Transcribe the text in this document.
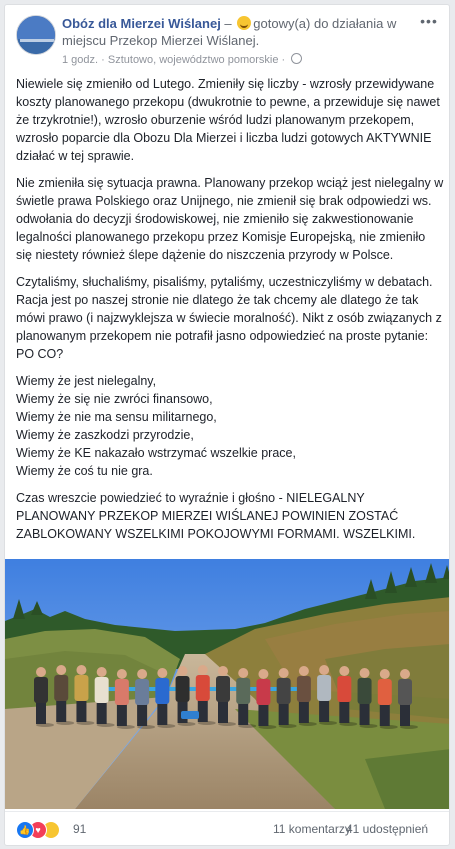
Obóz dla Mierzei Wiślanej – gotowy(a) do działania w miejscu Przekop Mierzei Wiślanej.
1 godz. · Sztutowo, województwo pomorskie ·
•••

Niewiele się zmieniło od Lutego. Zmieniły się liczby - wzrosły przewidywane koszty planowanego przekopu (dwukrotnie to pewne, a przewiduje się nawet że trzykrotnie!), wzrosło oburzenie wśród ludzi planowanym przekopem, wzrosło poparcie dla Obozu Dla Mierzei i liczba ludzi gotowych AKTYWNIE działać w tej sprawie.

Nie zmieniła się sytuacja prawna. Planowany przekop wciąż jest nielegalny w świetle prawa Polskiego oraz Unijnego, nie zmienił się brak odpowiedzi ws. odwołania do decyzji środowiskowej, nie zmieniło się zakwestionowanie legalności planowanego przekopu przez Komisje Europejską, nie zmieniło się niestety również ślepe dążenie do niszczenia przyrody w Polsce.

Czytaliśmy, słuchaliśmy, pisaliśmy, pytaliśmy, uczestniczyliśmy w debatach. Racja jest po naszej stronie nie dlatego że tak chcemy ale dlatego że tak mówi prawo (i najzwyklejsza w świecie moralność). Nikt z osób związanych z planowanym przekopem nie potrafił jasno odpowiedzieć na proste pytanie: PO CO?

Wiemy że jest nielegalny,
Wiemy że się nie zwróci finansowo,
Wiemy że nie ma sensu militarnego,
Wiemy że zaszkodzi przyrodzie,
Wiemy że KE nakazało wstrzymać wszelkie prace,
Wiemy że coś tu nie gra.

Czas wreszcie powiedzieć to wyraźnie i głośno - NIELEGALNY PLANOWANY PRZEKOP MIERZEI WIŚLANEJ POWINIEN ZOSTAĆ ZABLOKOWANY WSZELKIMI POKOJOWYMI FORMAMI. WSZELKIMI.

👍 ♥	91	11 komentarzy
41 udostępnień
